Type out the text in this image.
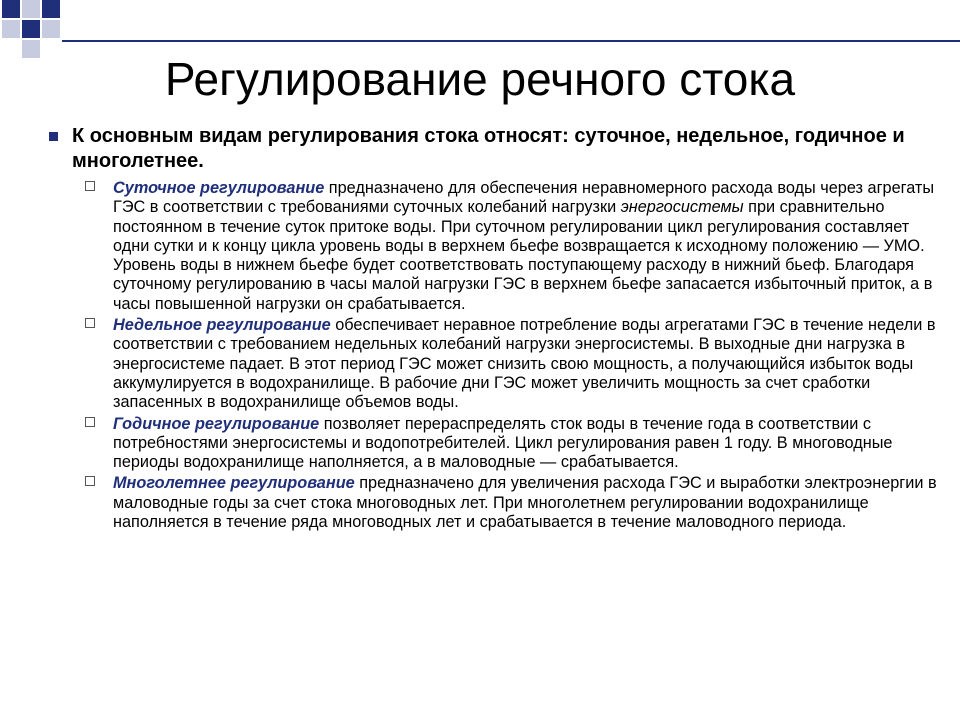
Регулирование речного стока
К основным видам регулирования стока относят: суточное, недельное, годичное и многолетнее.
Суточное регулирование предназначено для обеспечения неравномерного расхода воды через агрегаты ГЭС в соответствии с требованиями суточных колебаний нагрузки энергосистемы при сравнительно постоянном в течение суток притоке воды. При суточном регулировании цикл регулирования составляет одни сутки и к концу цикла уровень воды в верхнем бьефе возвращается к исходному положению — УМО. Уровень воды в нижнем бьефе будет соответствовать поступающему расходу в нижний бьеф. Благодаря суточному регулированию в часы малой нагрузки ГЭС в верхнем бьефе запасается избыточный приток, а в часы повышенной нагрузки он срабатывается.
Недельное регулирование обеспечивает неравное потребление воды агрегатами ГЭС в течение недели в соответствии с требованием недельных колебаний нагрузки энергосистемы. В выходные дни нагрузка в энергосистеме падает. В этот период ГЭС может снизить свою мощность, а получающийся избыток воды аккумулируется в водохранилище. В рабочие дни ГЭС может увеличить мощность за счет сработки запасенных в водохранилище объемов воды.
Годичное регулирование позволяет перераспределять сток воды в течение года в соответствии с потребностями энергосистемы и водопотребителей. Цикл регулирования равен 1 году. В многоводные периоды водохранилище наполняется, а в маловодные — срабатывается.
Многолетнее регулирование предназначено для увеличения расхода ГЭС и выработки электроэнергии в маловодные годы за счет стока многоводных лет. При многолетнем регулировании водохранилище наполняется в течение ряда многоводных лет и срабатывается в течение маловодного периода.
